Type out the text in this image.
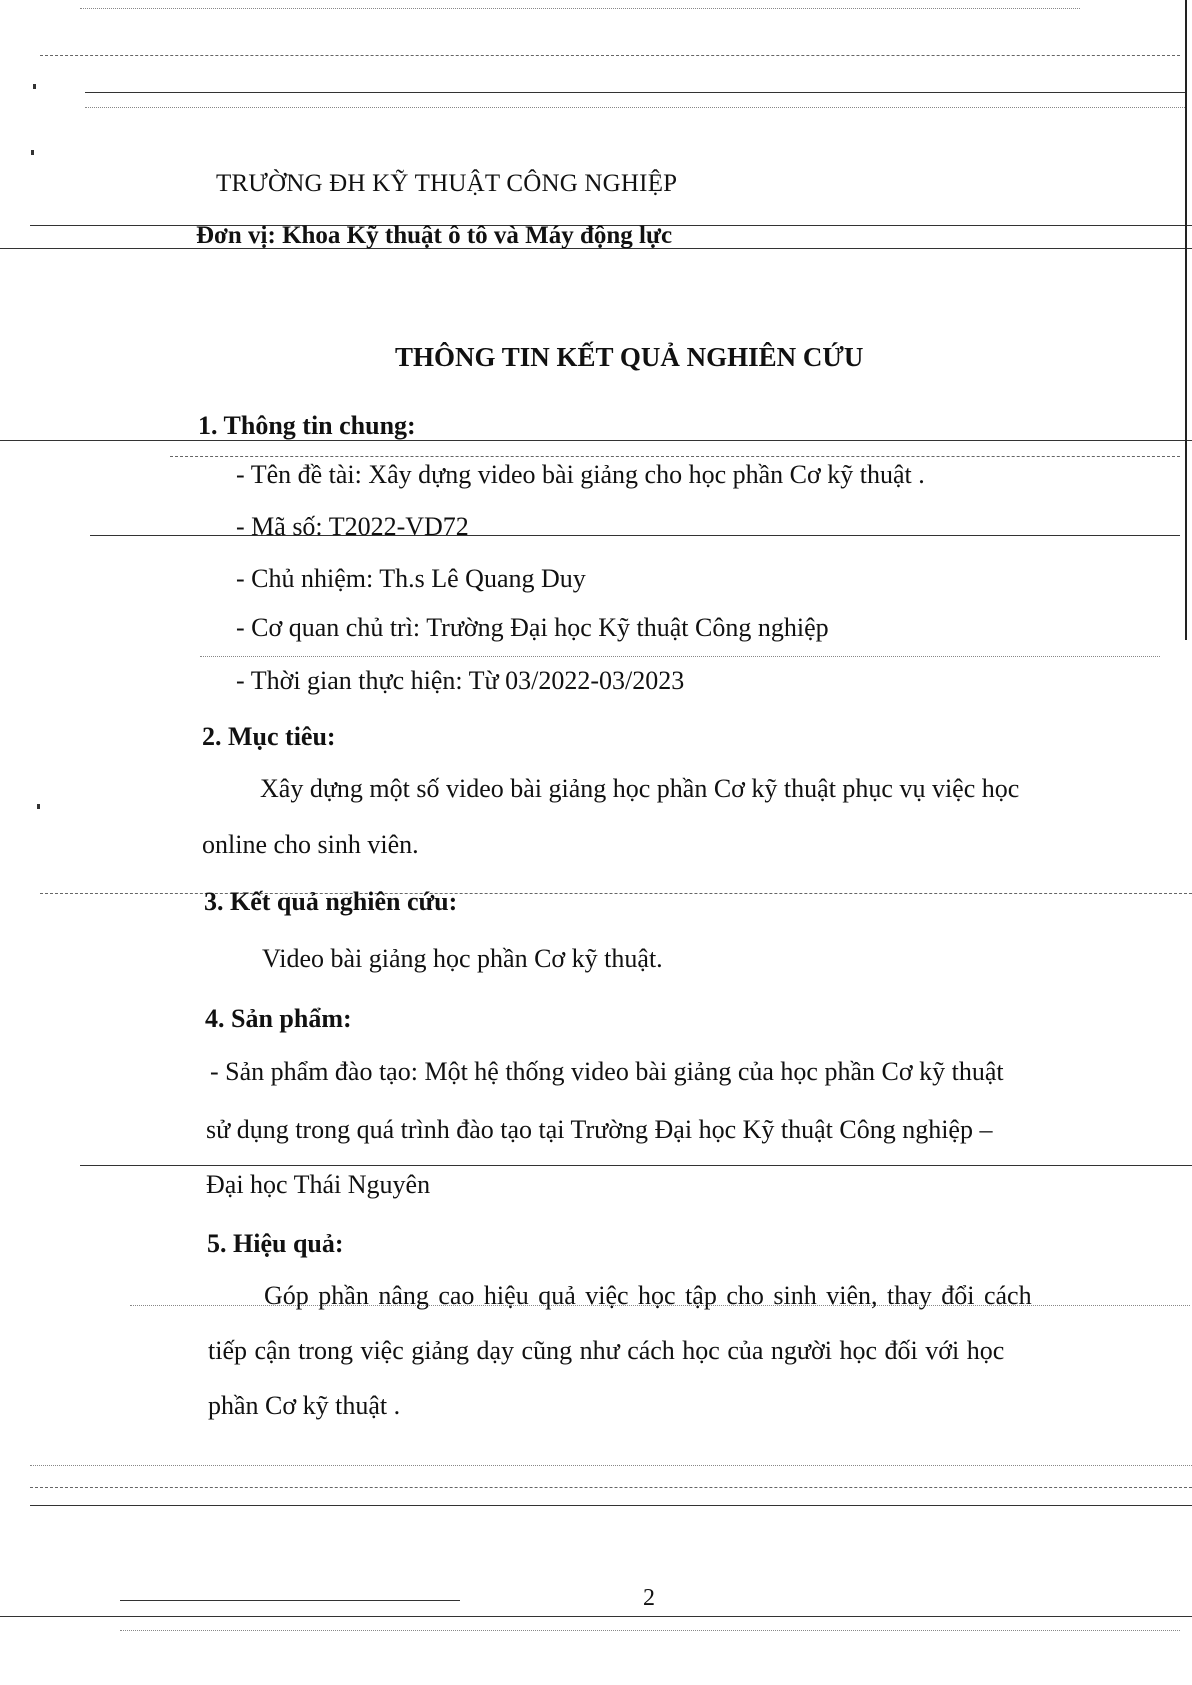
TRƯỜNG ĐH KỸ THUẬT CÔNG NGHIỆP
Đơn vị: Khoa Kỹ thuật ô tô và Máy động lực
THÔNG TIN KẾT QUẢ NGHIÊN CỨU
1. Thông tin chung:
- Tên đề tài: Xây dựng video bài giảng cho học phần Cơ kỹ thuật .
- Mã số: T2022-VD72
- Chủ nhiệm: Th.s Lê Quang Duy
- Cơ quan chủ trì: Trường Đại học Kỹ thuật Công nghiệp
- Thời gian thực hiện: Từ 03/2022-03/2023
2. Mục tiêu:
Xây dựng một số video bài giảng học phần Cơ kỹ thuật phục vụ việc học
online cho sinh viên.
3. Kết quả nghiên cứu:
Video bài giảng học phần Cơ kỹ thuật.
4. Sản phẩm:
- Sản phẩm đào tạo: Một hệ thống video bài giảng của học phần Cơ kỹ thuật
sử dụng trong quá trình đào tạo tại Trường Đại học Kỹ thuật Công nghiệp –
Đại học Thái Nguyên
5. Hiệu quả:
Góp phần nâng cao hiệu quả việc học tập cho sinh viên, thay đổi cách
tiếp cận trong việc giảng dạy cũng như cách học của người học đối với học
phần Cơ kỹ thuật .
2
